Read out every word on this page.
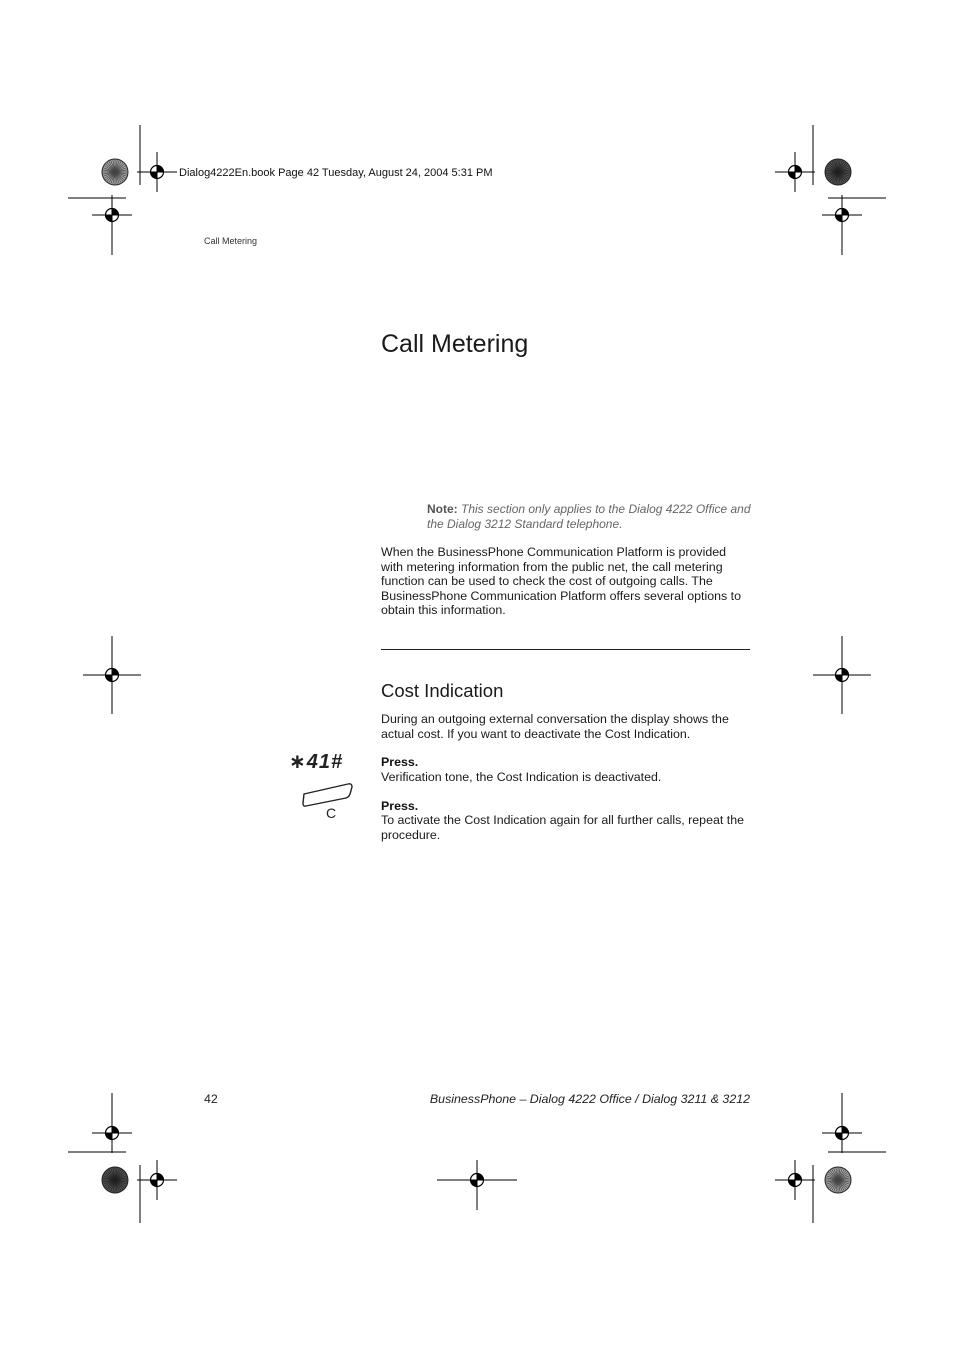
Dialog4222En.book Page 42 Tuesday, August 24, 2004 5:31 PM
Call Metering
Call Metering
Note: This section only applies to the Dialog 4222 Office and the Dialog 3212 Standard telephone.
When the BusinessPhone Communication Platform is provided with metering information from the public net, the call metering function can be used to check the cost of outgoing calls. The BusinessPhone Communication Platform offers several options to obtain this information.
Cost Indication
During an outgoing external conversation the display shows the actual cost. If you want to deactivate the Cost Indication.
∗41#	Press.
Verification tone, the Cost Indication is deactivated.
C	Press.
To activate the Cost Indication again for all further calls, repeat the procedure.
42	BusinessPhone – Dialog 4222 Office / Dialog 3211 & 3212
